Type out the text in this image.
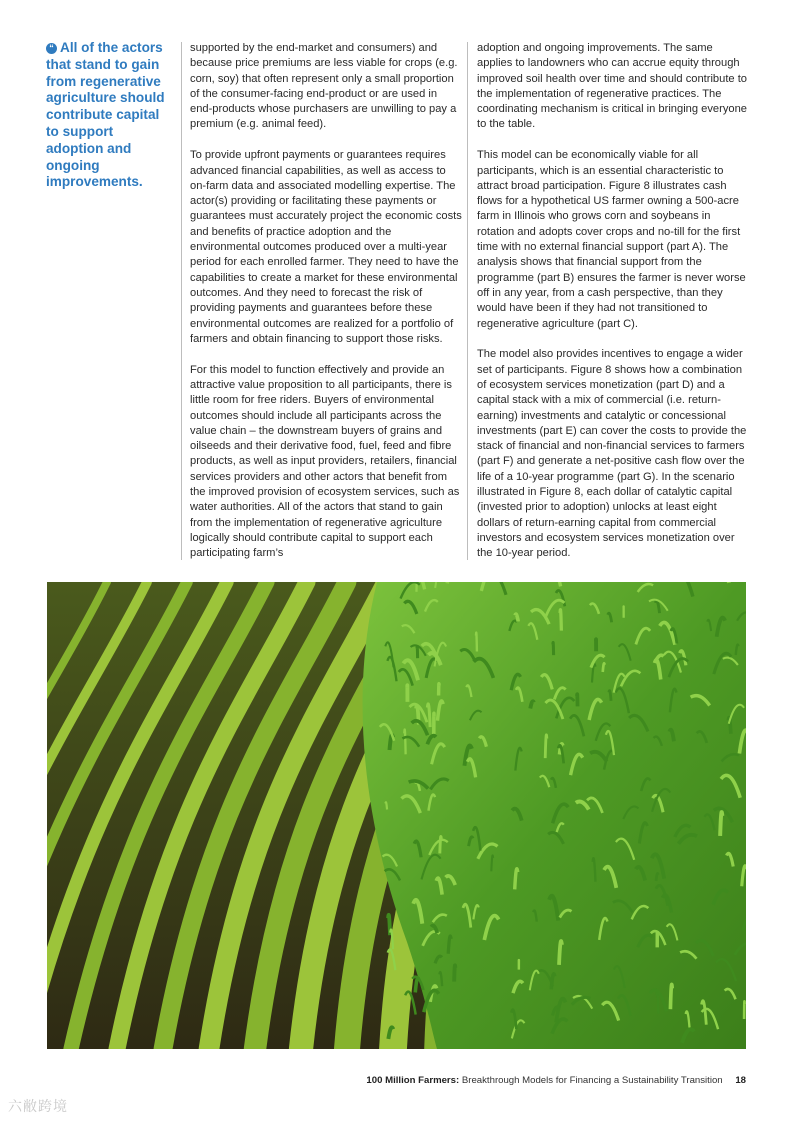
“ All of the actors that stand to gain from regenerative agriculture should contribute capital to support adoption and ongoing improvements.

supported by the end-market and consumers) and because price premiums are less viable for crops (e.g. corn, soy) that often represent only a small proportion of the consumer-facing end-product or are used in end-products whose purchasers are unwilling to pay a premium (e.g. animal feed).

To provide upfront payments or guarantees requires advanced financial capabilities, as well as access to on-farm data and associated modelling expertise. The actor(s) providing or facilitating these payments or guarantees must accurately project the economic costs and benefits of practice adoption and the environmental outcomes produced over a multi-year period for each enrolled farmer. They need to have the capabilities to create a market for these environmental outcomes. And they need to forecast the risk of providing payments and guarantees before these environmental outcomes are realized for a portfolio of farmers and obtain financing to support those risks.

For this model to function effectively and provide an attractive value proposition to all participants, there is little room for free riders. Buyers of environmental outcomes should include all participants across the value chain – the downstream buyers of grains and oilseeds and their derivative food, fuel, feed and fibre products, as well as input providers, retailers, financial services providers and other actors that benefit from the improved provision of ecosystem services, such as water authorities. All of the actors that stand to gain from the implementation of regenerative agriculture logically should contribute capital to support each participating farm’s

adoption and ongoing improvements. The same applies to landowners who can accrue equity through improved soil health over time and should contribute to the implementation of regenerative practices. The coordinating mechanism is critical in bringing everyone to the table.

This model can be economically viable for all participants, which is an essential characteristic to attract broad participation. Figure 8 illustrates cash flows for a hypothetical US farmer owning a 500-acre farm in Illinois who grows corn and soybeans in rotation and adopts cover crops and no-till for the first time with no external financial support (part A). The analysis shows that financial support from the programme (part B) ensures the farmer is never worse off in any year, from a cash perspective, than they would have been if they had not transitioned to regenerative agriculture (part C).

The model also provides incentives to engage a wider set of participants. Figure 8 shows how a combination of ecosystem services monetization (part D) and a capital stack with a mix of commercial (i.e. return-earning) investments and catalytic or concessional investments (part E) can cover the costs to provide the stack of financial and non-financial services to farmers (part F) and generate a net-positive cash flow over the life of a 10-year programme (part G). In the scenario illustrated in Figure 8, each dollar of catalytic capital (invested prior to adoption) unlocks at least eight dollars of return-earning capital from commercial investors and ecosystem services monetization over the 10-year period.

100 Million Farmers: Breakthrough Models for Financing a Sustainability Transition 18
六敝跨境
